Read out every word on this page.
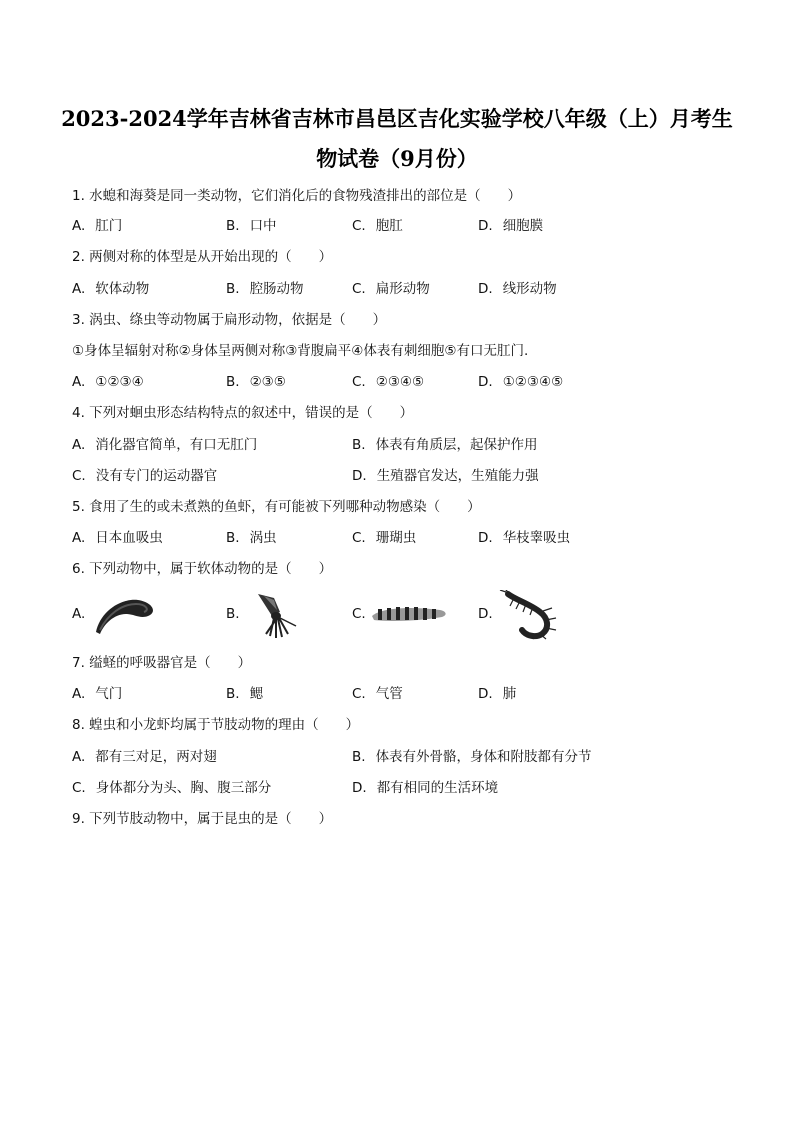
2023-2024学年吉林省吉林市昌邑区吉化实验学校八年级（上）月考生
物试卷（9月份）
1. 水螅和海葵是同一类动物，它们消化后的食物残渣排出的部位是（　　）
A. 肛门	B. 口中	C. 胞肛	D. 细胞膜
2. 两侧对称的体型是从开始出现的（　　）
A. 软体动物	B. 腔肠动物	C. 扁形动物	D. 线形动物
3. 涡虫、绦虫等动物属于扁形动物，依据是（　　）
①身体呈辐射对称②身体呈两侧对称③背腹扁平④体表有刺细胞⑤有口无肛门.
A. ①②③④	B. ②③⑤	C. ②③④⑤	D. ①②③④⑤
4. 下列对蛔虫形态结构特点的叙述中，错误的是（　　）
A. 消化器官简单，有口无肛门	B. 体表有角质层，起保护作用
C. 没有专门的运动器官	D. 生殖器官发达，生殖能力强
5. 食用了生的或未煮熟的鱼虾，有可能被下列哪种动物感染（　　）
A. 日本血吸虫	B. 涡虫	C. 珊瑚虫	D. 华枝睾吸虫
6. 下列动物中，属于软体动物的是（　　）
A.	B.	C.	D.
7. 缢蛏的呼吸器官是（　　）
A. 气门	B. 鳃	C. 气管	D. 肺
8. 蝗虫和小龙虾均属于节肢动物的理由（　　）
A. 都有三对足，两对翅	B. 体表有外骨骼，身体和附肢都有分节
C. 身体都分为头、胸、腹三部分	D. 都有相同的生活环境
9. 下列节肢动物中，属于昆虫的是（　　）
